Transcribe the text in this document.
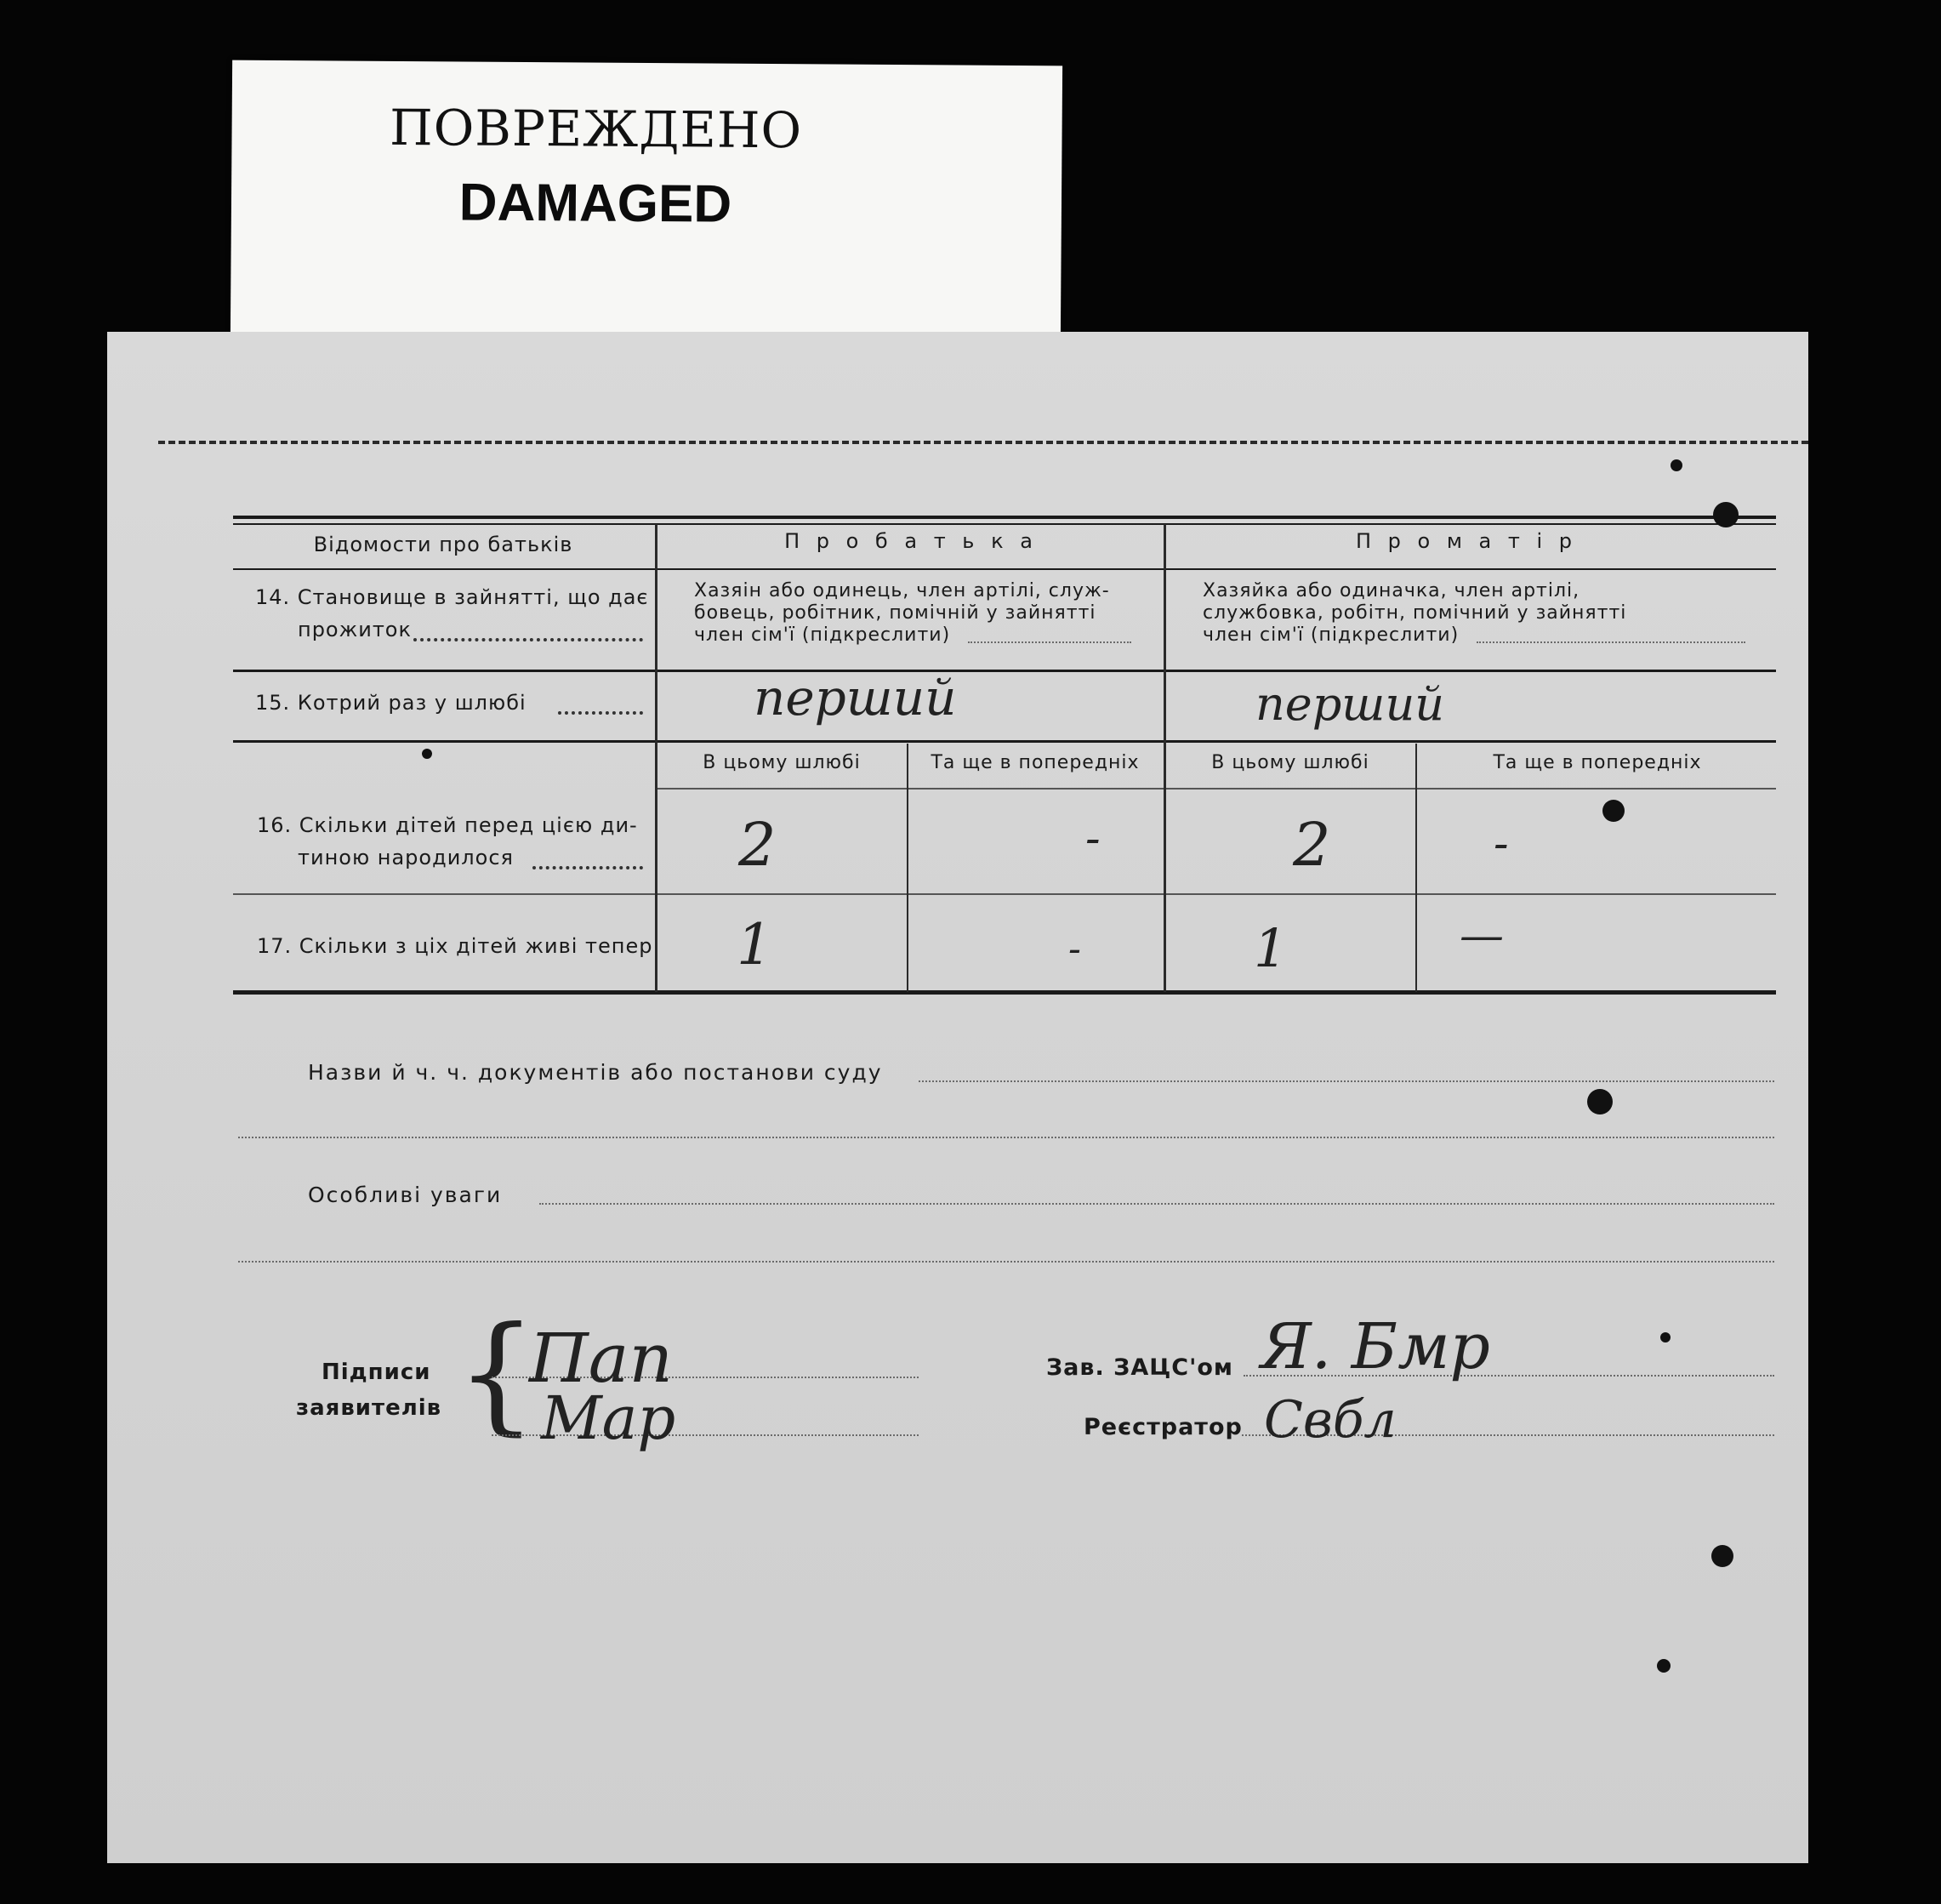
ПОВРЕЖДЕНО
DAMAGED
Відомости про батьків	П р о б а т ь к а	П р о м а т і р
14. Становище в зайнятті, що дає
прожиток
Хазяін або одинець, член артілі, служ-
бовець, робітник, помічній у зайнятті
член сім'ї (підкреслити)
Хазяйка або одиначка, член артілі,
службовка, робітн, помічний у зайнятті
член сім'ї (підкреслити)
15. Котрий раз у шлюбі	перший	перший
В цьому шлюбі	Та ще в попередніх	В цьому шлюбі	Та ще в попередніх
16. Скільки дітей перед цією ди-
тиною народилося	2	-	2	-
17. Скільки з ціх дітей живі тепер 1	-	1	—
Назви й ч. ч. документів або постанови суду
Особливі уваги
Підписи
заявителів {
Пап
Мар
Зав. ЗАЦС'ом Я. Бмр
Реєстратор Свбл
